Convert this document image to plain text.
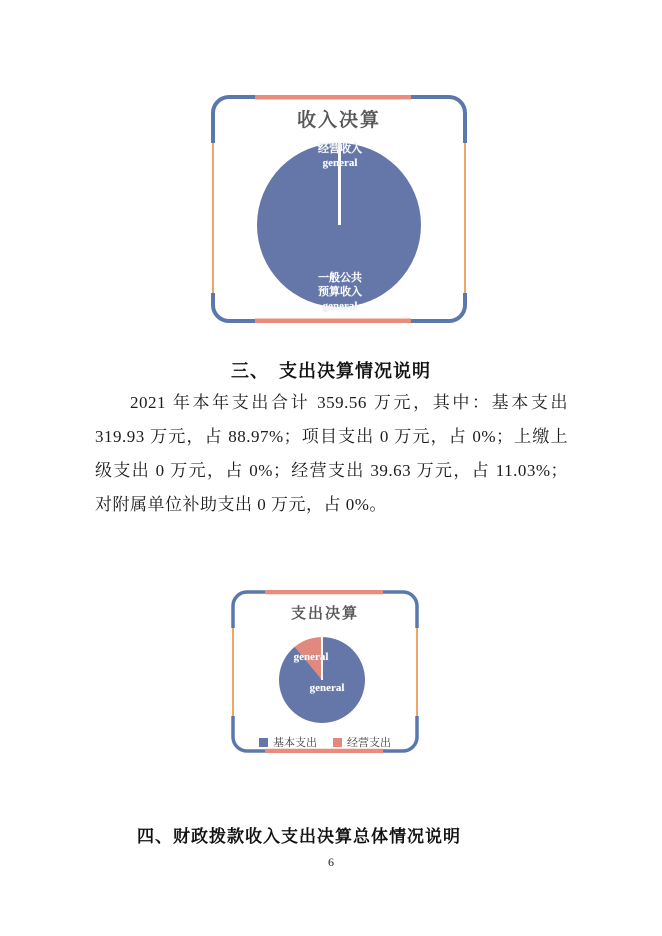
收入决算
经营收入
general
一般公共
预算收入
general
三、　支出决算情况说明
2021 年本年支出合计 359.56 万元，其中：基本支出
319.93 万元，占 88.97%；项目支出 0 万元，占 0%；上缴上
级支出 0 万元，占 0%；经营支出 39.63 万元，占 11.03%；
对附属单位补助支出 0 万元，占 0%。
支出决算
general
general
基本支出	经营支出
四、财政拨款收入支出决算总体情况说明
6
